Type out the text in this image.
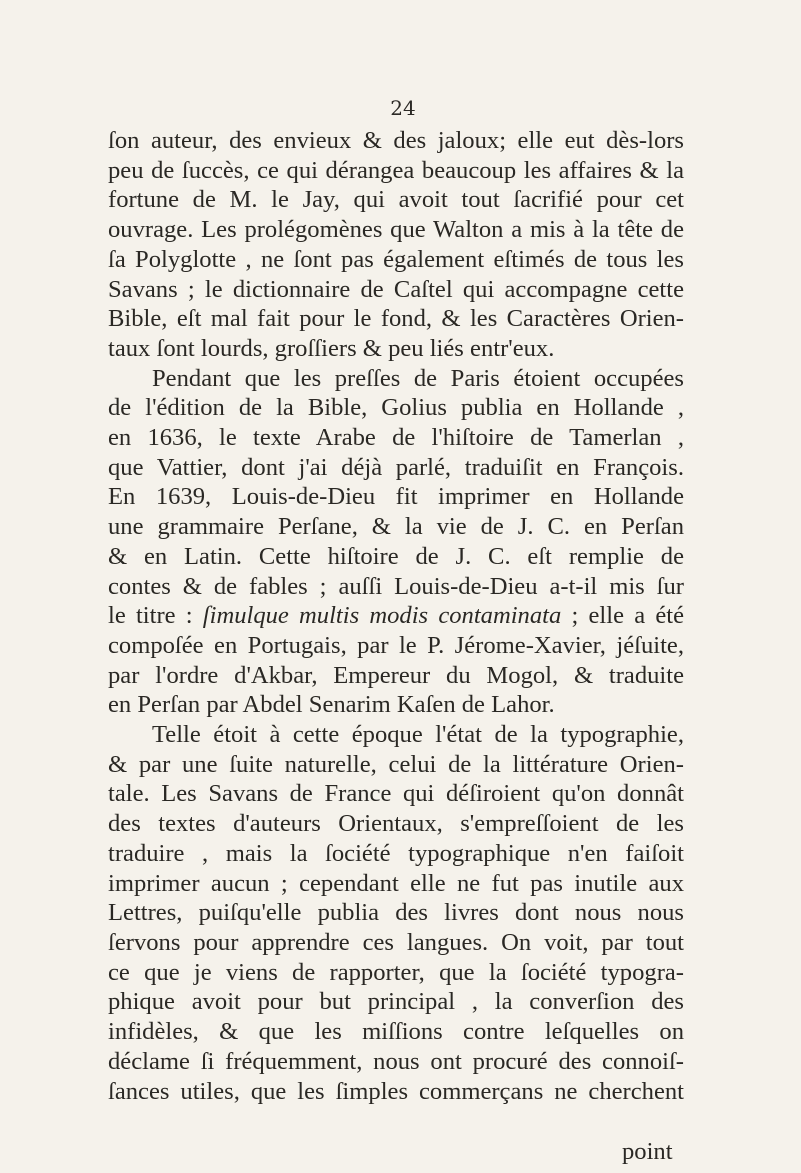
24

ſon auteur, des envieux & des jaloux; elle eut dès-lors
peu de ſuccès, ce qui dérangea beaucoup les affaires & la
fortune de M. le Jay, qui avoit tout ſacrifié pour cet
ouvrage. Les prolégomènes que Walton a mis à la tête de
ſa Polyglotte , ne ſont pas également eſtimés de tous les
Savans ; le dictionnaire de Caſtel qui accompagne cette
Bible, eſt mal fait pour le fond, & les Caractères Orien-
taux ſont lourds, groſſiers & peu liés entr'eux.
Pendant que les preſſes de Paris étoient occupées
de l'édition de la Bible, Golius publia en Hollande ,
en 1636, le texte Arabe de l'hiſtoire de Tamerlan ,
que Vattier, dont j'ai déjà parlé, traduiſit en François.
En 1639, Louis-de-Dieu fit imprimer en Hollande
une grammaire Perſane, & la vie de J. C. en Perſan
& en Latin. Cette hiſtoire de J. C. eſt remplie de
contes & de fables ; auſſi Louis-de-Dieu a-t-il mis ſur
le titre : ſimulque multis modis contaminata ; elle a été
compoſée en Portugais, par le P. Jérome-Xavier, jéſuite,
par l'ordre d'Akbar, Empereur du Mogol, & traduite
en Perſan par Abdel Senarim Kaſen de Lahor.
Telle étoit à cette époque l'état de la typographie,
& par une ſuite naturelle, celui de la littérature Orien-
tale. Les Savans de France qui déſiroient qu'on donnât
des textes d'auteurs Orientaux, s'empreſſoient de les
traduire , mais la ſociété typographique n'en faiſoit
imprimer aucun ; cependant elle ne fut pas inutile aux
Lettres, puiſqu'elle publia des livres dont nous nous
ſervons pour apprendre ces langues. On voit, par tout
ce que je viens de rapporter, que la ſociété typogra-
phique avoit pour but principal , la converſion des
infidèles, & que les miſſions contre leſquelles on
déclame ſi fréquemment, nous ont procuré des connoiſ-
ſances utiles, que les ſimples commerçans ne cherchent

point
